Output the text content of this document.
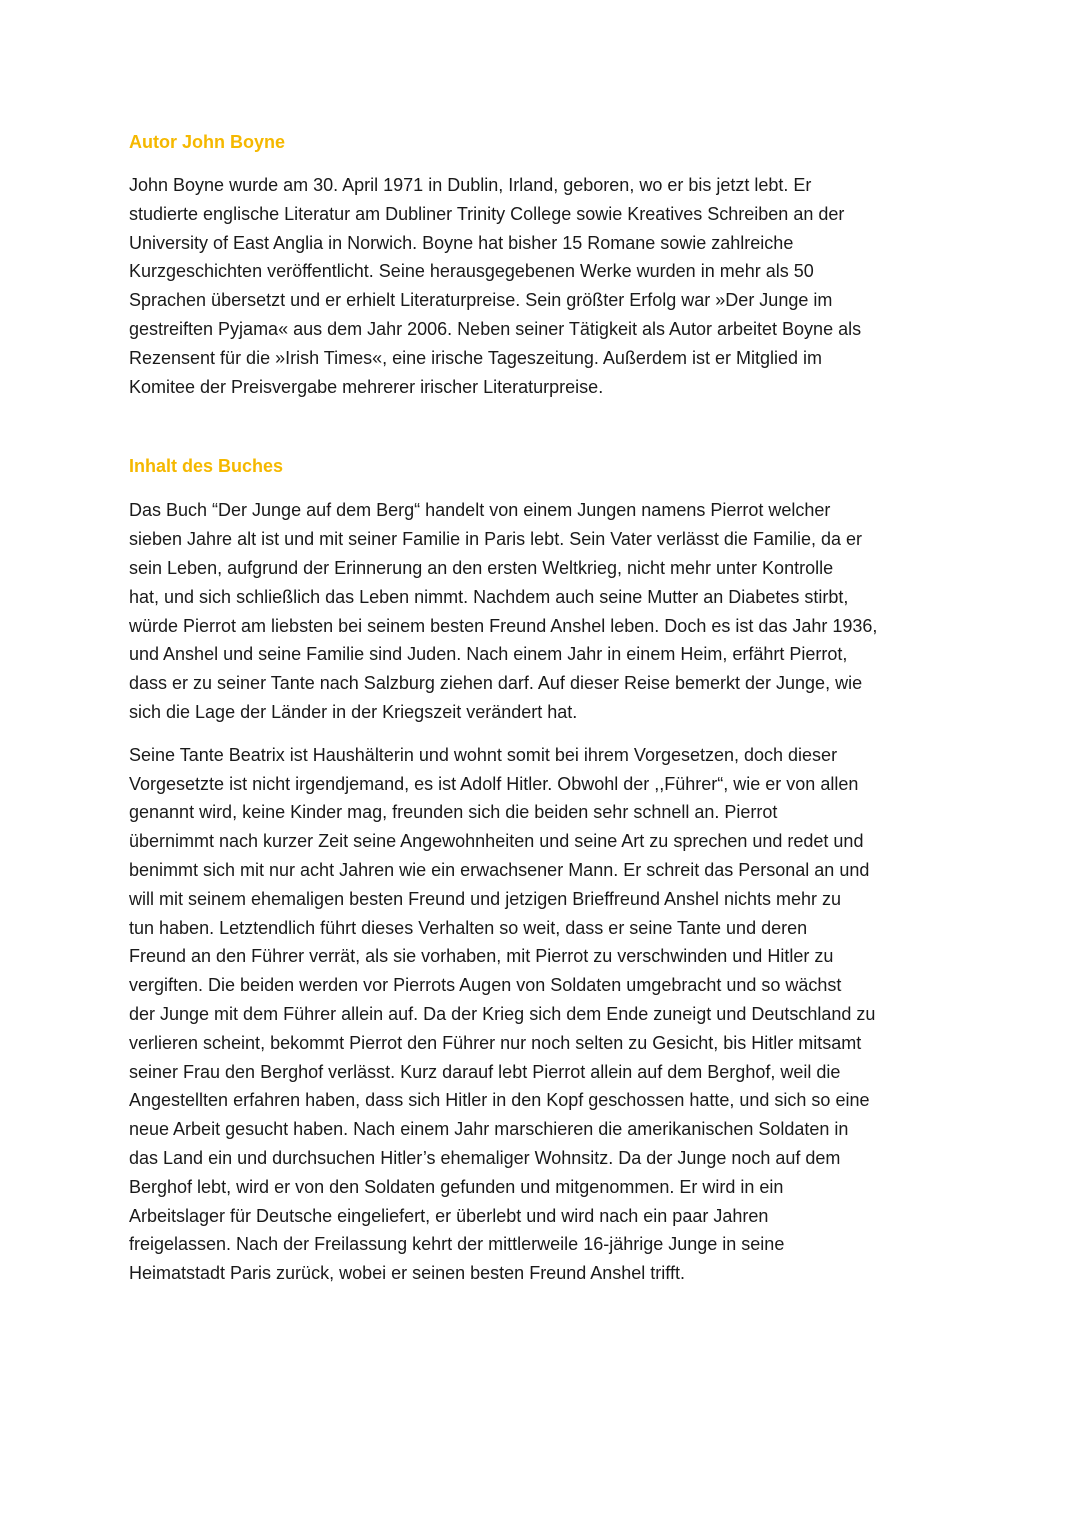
Autor John Boyne
John Boyne wurde am 30. April 1971 in Dublin, Irland, geboren, wo er bis jetzt lebt. Er
studierte englische Literatur am Dubliner Trinity College sowie Kreatives Schreiben an der
University of East Anglia in Norwich. Boyne hat bisher 15 Romane sowie zahlreiche
Kurzgeschichten veröffentlicht. Seine herausgegebenen Werke wurden in mehr als 50
Sprachen übersetzt und er erhielt Literaturpreise. Sein größter Erfolg war »Der Junge im
gestreiften Pyjama« aus dem Jahr 2006. Neben seiner Tätigkeit als Autor arbeitet Boyne als
Rezensent für die »Irish Times«, eine irische Tageszeitung. Außerdem ist er Mitglied im
Komitee der Preisvergabe mehrerer irischer Literaturpreise.
Inhalt des Buches
Das Buch “Der Junge auf dem Berg“ handelt von einem Jungen namens Pierrot welcher
sieben Jahre alt ist und mit seiner Familie in Paris lebt. Sein Vater verlässt die Familie, da er
sein Leben, aufgrund der Erinnerung an den ersten Weltkrieg, nicht mehr unter Kontrolle
hat, und sich schließlich das Leben nimmt. Nachdem auch seine Mutter an Diabetes stirbt,
würde Pierrot am liebsten bei seinem besten Freund Anshel leben. Doch es ist das Jahr 1936,
und Anshel und seine Familie sind Juden. Nach einem Jahr in einem Heim, erfährt Pierrot,
dass er zu seiner Tante nach Salzburg ziehen darf. Auf dieser Reise bemerkt der Junge, wie
sich die Lage der Länder in der Kriegszeit verändert hat.
Seine Tante Beatrix ist Haushälterin und wohnt somit bei ihrem Vorgesetzen, doch dieser
Vorgesetzte ist nicht irgendjemand, es ist Adolf Hitler. Obwohl der ,,Führer“, wie er von allen
genannt wird, keine Kinder mag, freunden sich die beiden sehr schnell an. Pierrot
übernimmt nach kurzer Zeit seine Angewohnheiten und seine Art zu sprechen und redet und
benimmt sich mit nur acht Jahren wie ein erwachsener Mann. Er schreit das Personal an und
will mit seinem ehemaligen besten Freund und jetzigen Brieffreund Anshel nichts mehr zu
tun haben. Letztendlich führt dieses Verhalten so weit, dass er seine Tante und deren
Freund an den Führer verrät, als sie vorhaben, mit Pierrot zu verschwinden und Hitler zu
vergiften. Die beiden werden vor Pierrots Augen von Soldaten umgebracht und so wächst
der Junge mit dem Führer allein auf. Da der Krieg sich dem Ende zuneigt und Deutschland zu
verlieren scheint, bekommt Pierrot den Führer nur noch selten zu Gesicht, bis Hitler mitsamt
seiner Frau den Berghof verlässt. Kurz darauf lebt Pierrot allein auf dem Berghof, weil die
Angestellten erfahren haben, dass sich Hitler in den Kopf geschossen hatte, und sich so eine
neue Arbeit gesucht haben. Nach einem Jahr marschieren die amerikanischen Soldaten in
das Land ein und durchsuchen Hitler’s ehemaliger Wohnsitz. Da der Junge noch auf dem
Berghof lebt, wird er von den Soldaten gefunden und mitgenommen. Er wird in ein
Arbeitslager für Deutsche eingeliefert, er überlebt und wird nach ein paar Jahren
freigelassen. Nach der Freilassung kehrt der mittlerweile 16-jährige Junge in seine
Heimatstadt Paris zurück, wobei er seinen besten Freund Anshel trifft.
